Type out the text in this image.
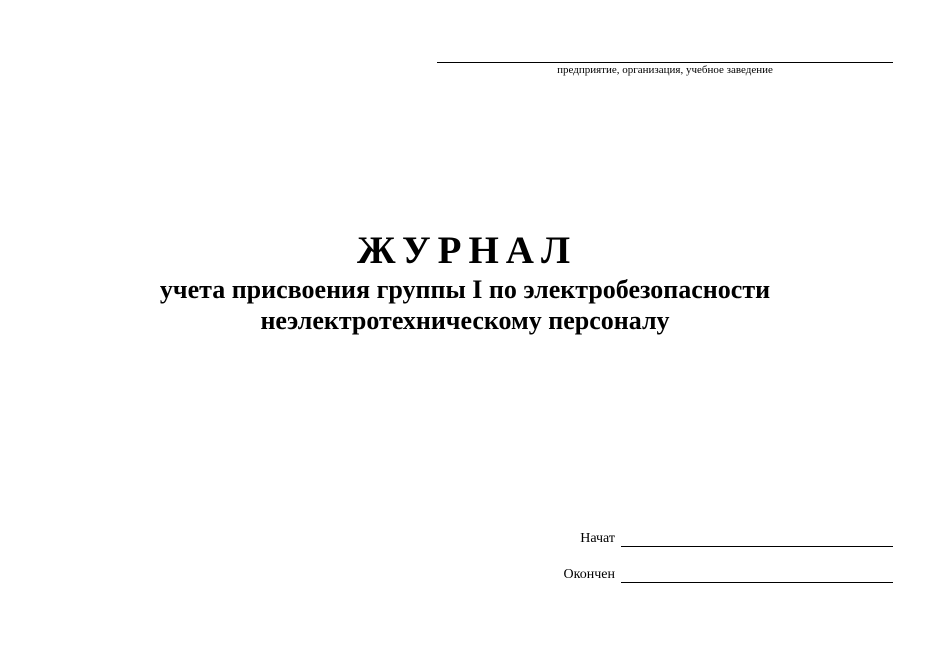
предприятие, организация, учебное заведение
ЖУРНАЛ
учета присвоения группы I по электробезопасности
неэлектротехническому персоналу
Начат
Окончен
